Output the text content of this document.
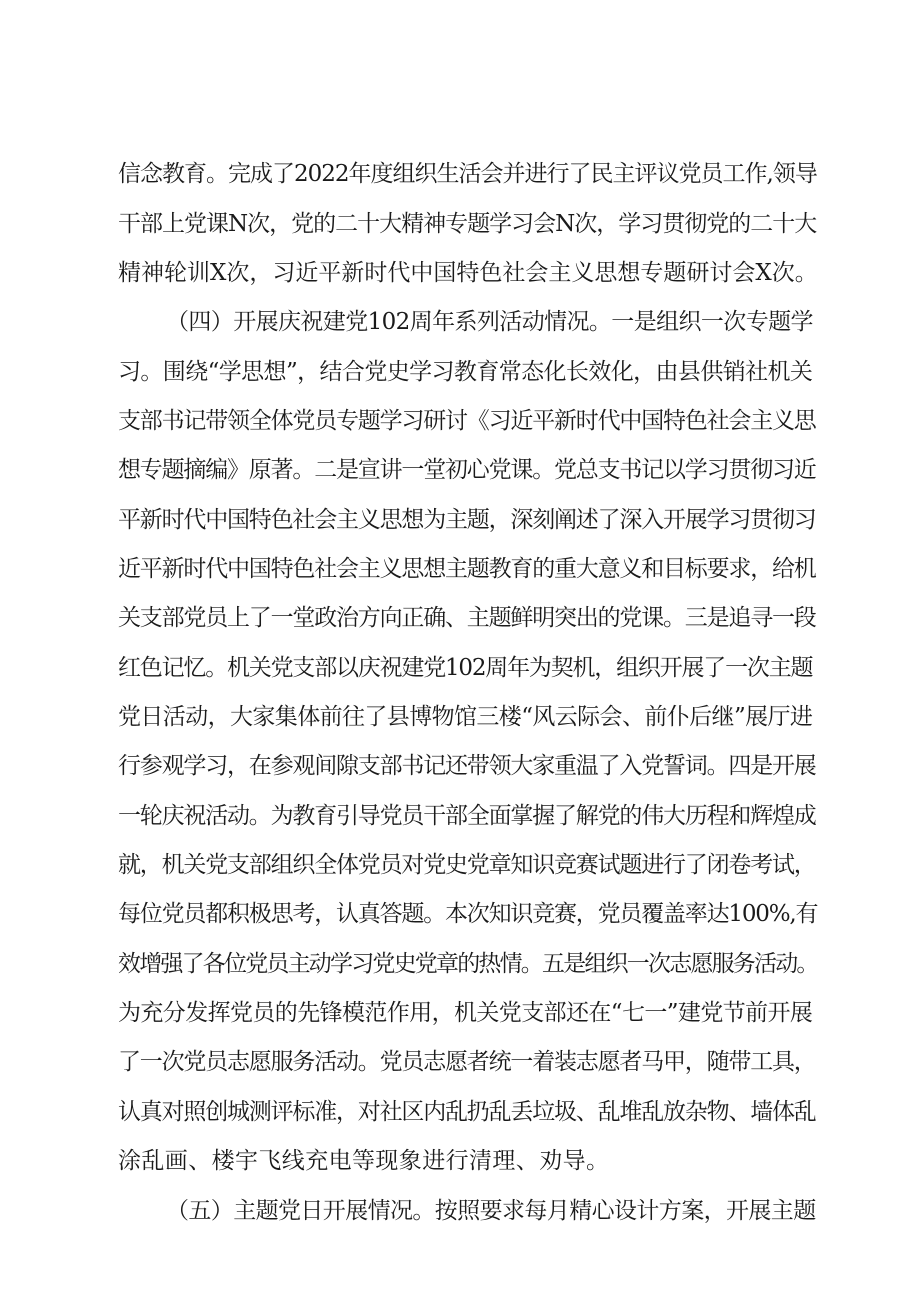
信念教育。完成了2022年度组织生活会并进行了民主评议党员工作,领导
干部上党课N次，党的二十大精神专题学习会N次，学习贯彻党的二十大
精神轮训X次，习近平新时代中国特色社会主义思想专题研讨会X次。
（四）开展庆祝建党102周年系列活动情况。一是组织一次专题学
习。围绕“学思想”，结合党史学习教育常态化长效化，由县供销社机关
支部书记带领全体党员专题学习研讨《习近平新时代中国特色社会主义思
想专题摘编》原著。二是宣讲一堂初心党课。党总支书记以学习贯彻习近
平新时代中国特色社会主义思想为主题，深刻阐述了深入开展学习贯彻习
近平新时代中国特色社会主义思想主题教育的重大意义和目标要求，给机
关支部党员上了一堂政治方向正确、主题鲜明突出的党课。三是追寻一段
红色记忆。机关党支部以庆祝建党102周年为契机，组织开展了一次主题
党日活动，大家集体前往了县博物馆三楼“风云际会、前仆后继”展厅进
行参观学习，在参观间隙支部书记还带领大家重温了入党誓词。四是开展
一轮庆祝活动。为教育引导党员干部全面掌握了解党的伟大历程和辉煌成
就，机关党支部组织全体党员对党史党章知识竞赛试题进行了闭卷考试，
每位党员都积极思考，认真答题。本次知识竞赛，党员覆盖率达100%,有
效增强了各位党员主动学习党史党章的热情。五是组织一次志愿服务活动。
为充分发挥党员的先锋模范作用，机关党支部还在“七一”建党节前开展
了一次党员志愿服务活动。党员志愿者统一着装志愿者马甲，随带工具，
认真对照创城测评标准，对社区内乱扔乱丢垃圾、乱堆乱放杂物、墙体乱
涂乱画、楼宇飞线充电等现象进行清理、劝导。
（五）主题党日开展情况。按照要求每月精心设计方案，开展主题
